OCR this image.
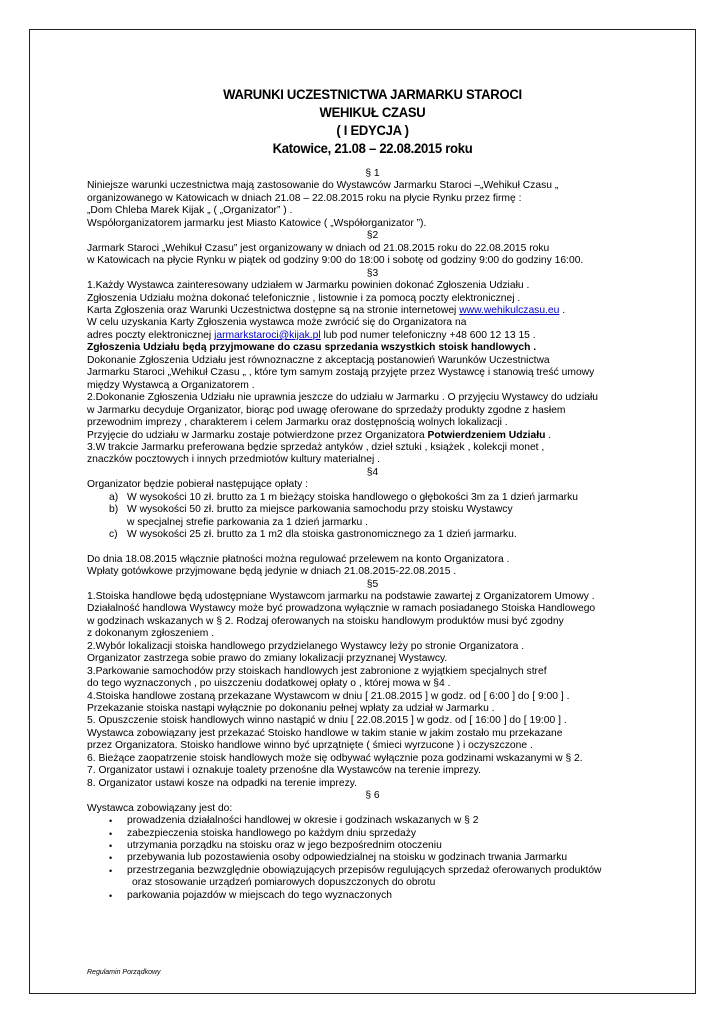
WARUNKI UCZESTNICTWA JARMARKU STAROCI
WEHIKUŁ CZASU
( I EDYCJA )
Katowice, 21.08 – 22.08.2015 roku
§ 1
Niniejsze warunki uczestnictwa mają zastosowanie do Wystawców Jarmarku Staroci –„Wehikuł Czasu „
organizowanego w Katowicach w dniach 21.08 – 22.08.2015 roku na płycie Rynku przez firmę :
„Dom Chleba Marek Kijak „ ( „Organizator” ) .
Współorganizatorem jarmarku jest Miasto Katowice ( „Współorganizator ”).
§2
Jarmark Staroci „Wehikuł Czasu” jest organizowany w dniach od 21.08.2015 roku do 22.08.2015 roku
w Katowicach na płycie Rynku w piątek od godziny 9:00 do 18:00 i sobotę od godziny 9:00 do godziny 16:00.
§3
1.Każdy Wystawca zainteresowany udziałem w Jarmarku powinien dokonać Zgłoszenia Udziału .
Zgłoszenia Udziału można dokonać telefonicznie , listownie i za pomocą poczty elektronicznej .
Karta Zgłoszenia oraz Warunki Uczestnictwa dostępne są na stronie internetowej www.wehikulczasu.eu .
W celu uzyskania Karty Zgłoszenia wystawca może zwrócić się do Organizatora na
adres poczty elektronicznej jarmarkstaroci@kijak.pl lub pod numer telefoniczny +48 600 12 13 15 .
Zgłoszenia Udziału będą przyjmowane do czasu sprzedania wszystkich stoisk handlowych .
Dokonanie Zgłoszenia Udziału jest równoznaczne z akceptacją postanowień Warunków Uczestnictwa
Jarmarku Staroci „Wehikuł Czasu „ , które tym samym zostają przyjęte przez Wystawcę i stanowią treść umowy
między Wystawcą a Organizatorem .
2.Dokonanie Zgłoszenia Udziału nie uprawnia jeszcze do udziału w Jarmarku . O przyjęciu Wystawcy do udziału
w Jarmarku decyduje Organizator, biorąc pod uwagę oferowane do sprzedaży produkty zgodne z hasłem
przewodnim imprezy , charakterem i celem Jarmarku oraz dostępnością wolnych lokalizacji .
Przyjęcie do udziału w Jarmarku zostaje potwierdzone przez Organizatora Potwierdzeniem Udziału .
3.W trakcie Jarmarku preferowana będzie sprzedaż antyków , dzieł sztuki , książek , kolekcji monet ,
znaczków pocztowych i innych przedmiotów kultury materialnej .
§4
Organizator będzie pobierał następujące opłaty :
a) W wysokości 10 zł. brutto za 1 m bieżący stoiska handlowego o głębokości 3m za 1 dzień jarmarku
b) W wysokości 50 zł. brutto za miejsce parkowania samochodu przy stoisku Wystawcy
w specjalnej strefie parkowania za 1 dzień jarmarku .
c) W wysokości 25 zł. brutto za 1 m2 dla stoiska gastronomicznego za 1 dzień jarmarku.
Do dnia 18.08.2015 włącznie płatności można regulować przelewem na konto Organizatora .
Wpłaty gotówkowe przyjmowane będą jedynie w dniach 21.08.2015-22.08.2015 .
§5
1.Stoiska handlowe będą udostępniane Wystawcom jarmarku na podstawie zawartej z Organizatorem Umowy .
Działalność handlowa Wystawcy może być prowadzona wyłącznie w ramach posiadanego Stoiska Handlowego
w godzinach wskazanych w § 2. Rodzaj oferowanych na stoisku handlowym produktów musi być zgodny
z dokonanym zgłoszeniem .
2.Wybór lokalizacji stoiska handlowego przydzielanego Wystawcy leży po stronie Organizatora .
Organizator zastrzega sobie prawo do zmiany lokalizacji przyznanej Wystawcy.
3.Parkowanie samochodów przy stoiskach handlowych jest zabronione z wyjątkiem specjalnych stref
do tego wyznaczonych , po uiszczeniu dodatkowej opłaty o , której mowa w §4 .
4.Stoiska handlowe zostaną przekazane Wystawcom w dniu [ 21.08.2015 ] w godz. od [ 6:00 ] do [ 9:00 ] .
Przekazanie stoiska nastąpi wyłącznie po dokonaniu pełnej wpłaty za udział w Jarmarku .
5. Opuszczenie stoisk handlowych winno nastąpić w dniu [ 22.08.2015 ] w godz. od [ 16:00 ] do [ 19:00 ] .
Wystawca zobowiązany jest przekazać Stoisko handlowe w takim stanie w jakim zostało mu przekazane
przez Organizatora. Stoisko handlowe winno być uprzątnięte ( śmieci wyrzucone ) i oczyszczone .
6. Bieżące zaopatrzenie stoisk handlowych może się odbywać wyłącznie poza godzinami wskazanymi w § 2.
7. Organizator ustawi i oznakuje toalety przenośne dla Wystawców na terenie imprezy.
8. Organizator ustawi kosze na odpadki na terenie imprezy.
§ 6
Wystawca zobowiązany jest do:
•	prowadzenia działalności handlowej w okresie i godzinach wskazanych w § 2
•	zabezpieczenia stoiska handlowego po każdym dniu sprzedaży
•	utrzymania porządku na stoisku oraz w jego bezpośrednim otoczeniu
•	przebywania lub pozostawienia osoby odpowiedzialnej na stoisku w godzinach trwania Jarmarku
•	przestrzegania bezwzględnie obowiązujących przepisów regulujących sprzedaż oferowanych produktów
oraz stosowanie urządzeń pomiarowych dopuszczonych do obrotu
•	parkowania pojazdów w miejscach do tego wyznaczonych
Regulamin Porządkowy
